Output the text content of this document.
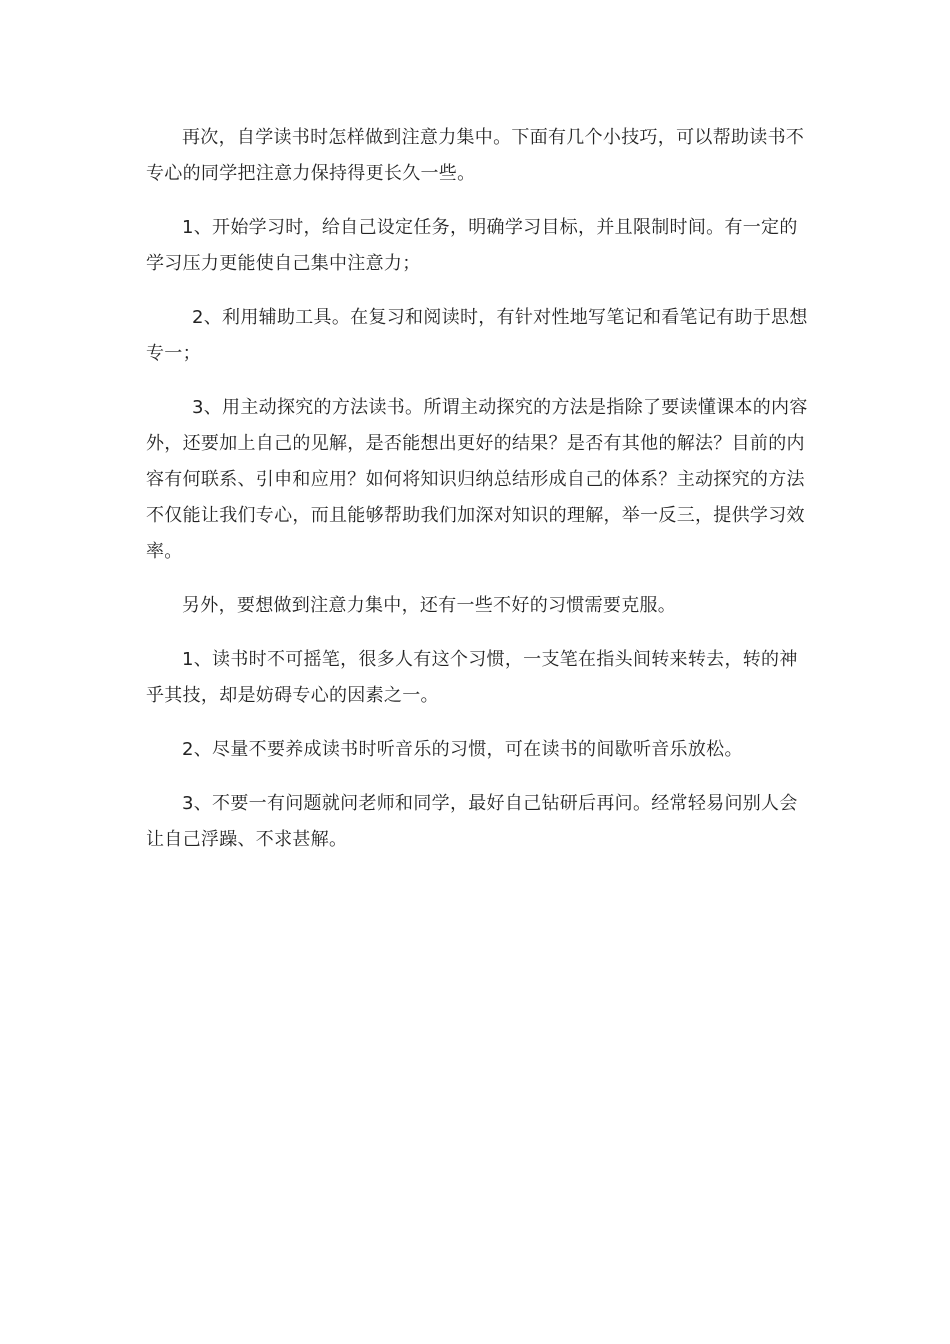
再次，自学读书时怎样做到注意力集中。下面有几个小技巧，可以帮助读书不专心的同学把注意力保持得更长久一些。

1、开始学习时，给自己设定任务，明确学习目标，并且限制时间。有一定的学习压力更能使自己集中注意力；

2、利用辅助工具。在复习和阅读时，有针对性地写笔记和看笔记有助于思想专一；

3、用主动探究的方法读书。所谓主动探究的方法是指除了要读懂课本的内容外，还要加上自己的见解，是否能想出更好的结果？是否有其他的解法？目前的内容有何联系、引申和应用？如何将知识归纳总结形成自己的体系？主动探究的方法不仅能让我们专心，而且能够帮助我们加深对知识的理解，举一反三，提供学习效率。

另外，要想做到注意力集中，还有一些不好的习惯需要克服。

1、读书时不可摇笔，很多人有这个习惯，一支笔在指头间转来转去，转的神乎其技，却是妨碍专心的因素之一。

2、尽量不要养成读书时听音乐的习惯，可在读书的间歇听音乐放松。

3、不要一有问题就问老师和同学，最好自己钻研后再问。经常轻易问别人会让自己浮躁、不求甚解。
